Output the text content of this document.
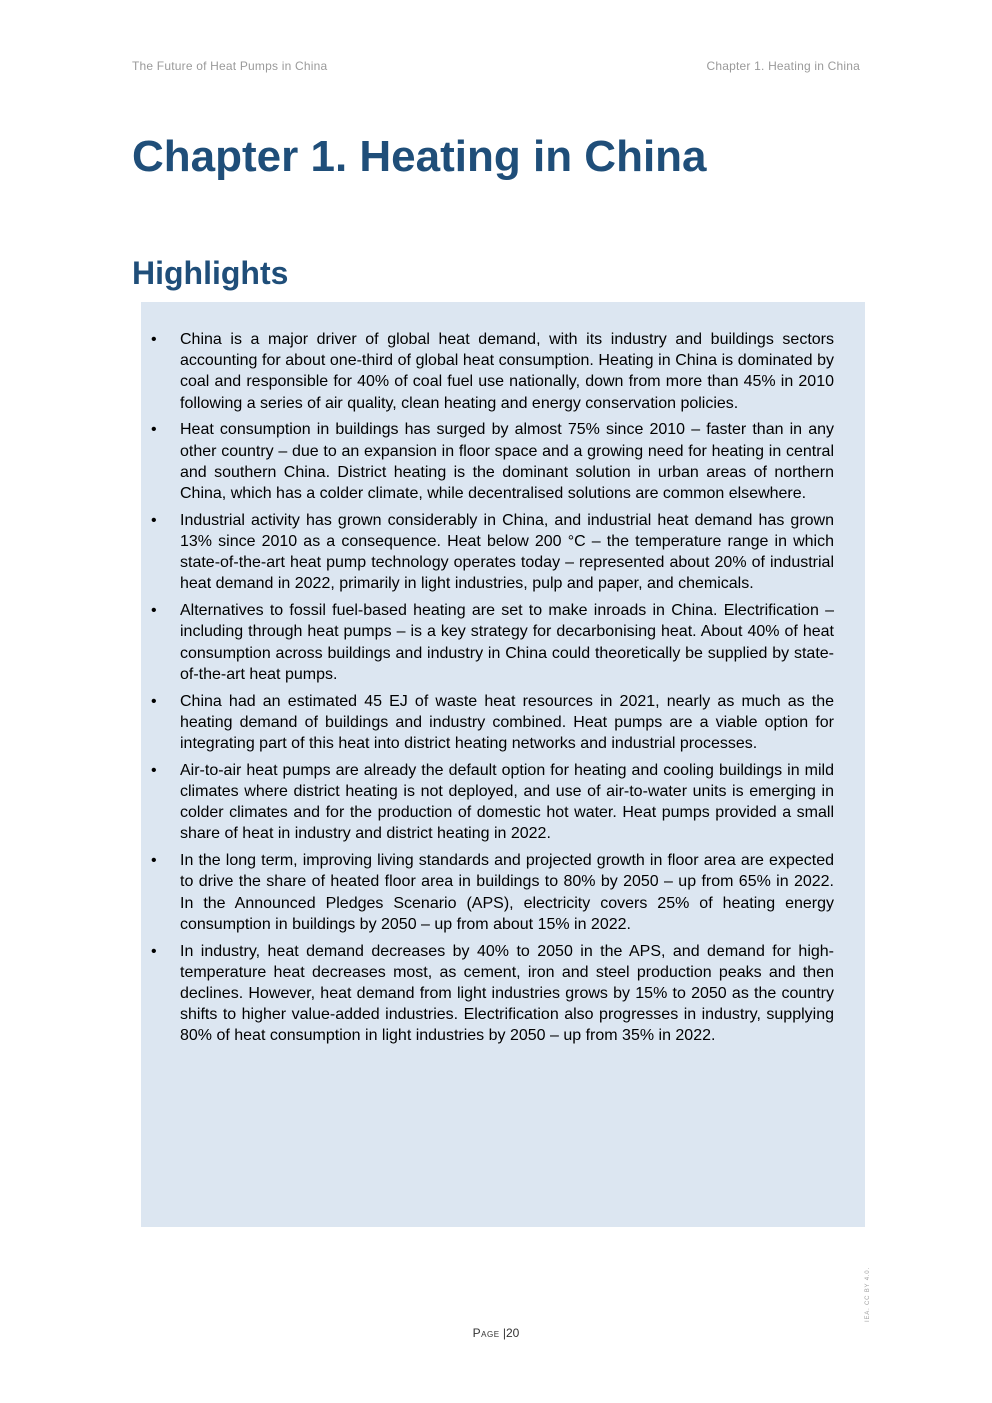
The Future of Heat Pumps in China	Chapter 1. Heating in China
Chapter 1. Heating in China
Highlights
• China is a major driver of global heat demand, with its industry and buildings sectors accounting for about one-third of global heat consumption. Heating in China is dominated by coal and responsible for 40% of coal fuel use nationally, down from more than 45% in 2010 following a series of air quality, clean heating and energy conservation policies.
• Heat consumption in buildings has surged by almost 75% since 2010 – faster than in any other country – due to an expansion in floor space and a growing need for heating in central and southern China. District heating is the dominant solution in urban areas of northern China, which has a colder climate, while decentralised solutions are common elsewhere.
• Industrial activity has grown considerably in China, and industrial heat demand has grown 13% since 2010 as a consequence. Heat below 200 °C – the temperature range in which state-of-the-art heat pump technology operates today – represented about 20% of industrial heat demand in 2022, primarily in light industries, pulp and paper, and chemicals.
• Alternatives to fossil fuel-based heating are set to make inroads in China. Electrification – including through heat pumps – is a key strategy for decarbonising heat. About 40% of heat consumption across buildings and industry in China could theoretically be supplied by state-of-the-art heat pumps.
• China had an estimated 45 EJ of waste heat resources in 2021, nearly as much as the heating demand of buildings and industry combined. Heat pumps are a viable option for integrating part of this heat into district heating networks and industrial processes.
• Air-to-air heat pumps are already the default option for heating and cooling buildings in mild climates where district heating is not deployed, and use of air-to-water units is emerging in colder climates and for the production of domestic hot water. Heat pumps provided a small share of heat in industry and district heating in 2022.
• In the long term, improving living standards and projected growth in floor area are expected to drive the share of heated floor area in buildings to 80% by 2050 – up from 65% in 2022. In the Announced Pledges Scenario (APS), electricity covers 25% of heating energy consumption in buildings by 2050 – up from about 15% in 2022.
• In industry, heat demand decreases by 40% to 2050 in the APS, and demand for high-temperature heat decreases most, as cement, iron and steel production peaks and then declines. However, heat demand from light industries grows by 15% to 2050 as the country shifts to higher value-added industries. Electrification also progresses in industry, supplying 80% of heat consumption in light industries by 2050 – up from 35% in 2022.
Page |20
IEA. CC BY 4.0.
